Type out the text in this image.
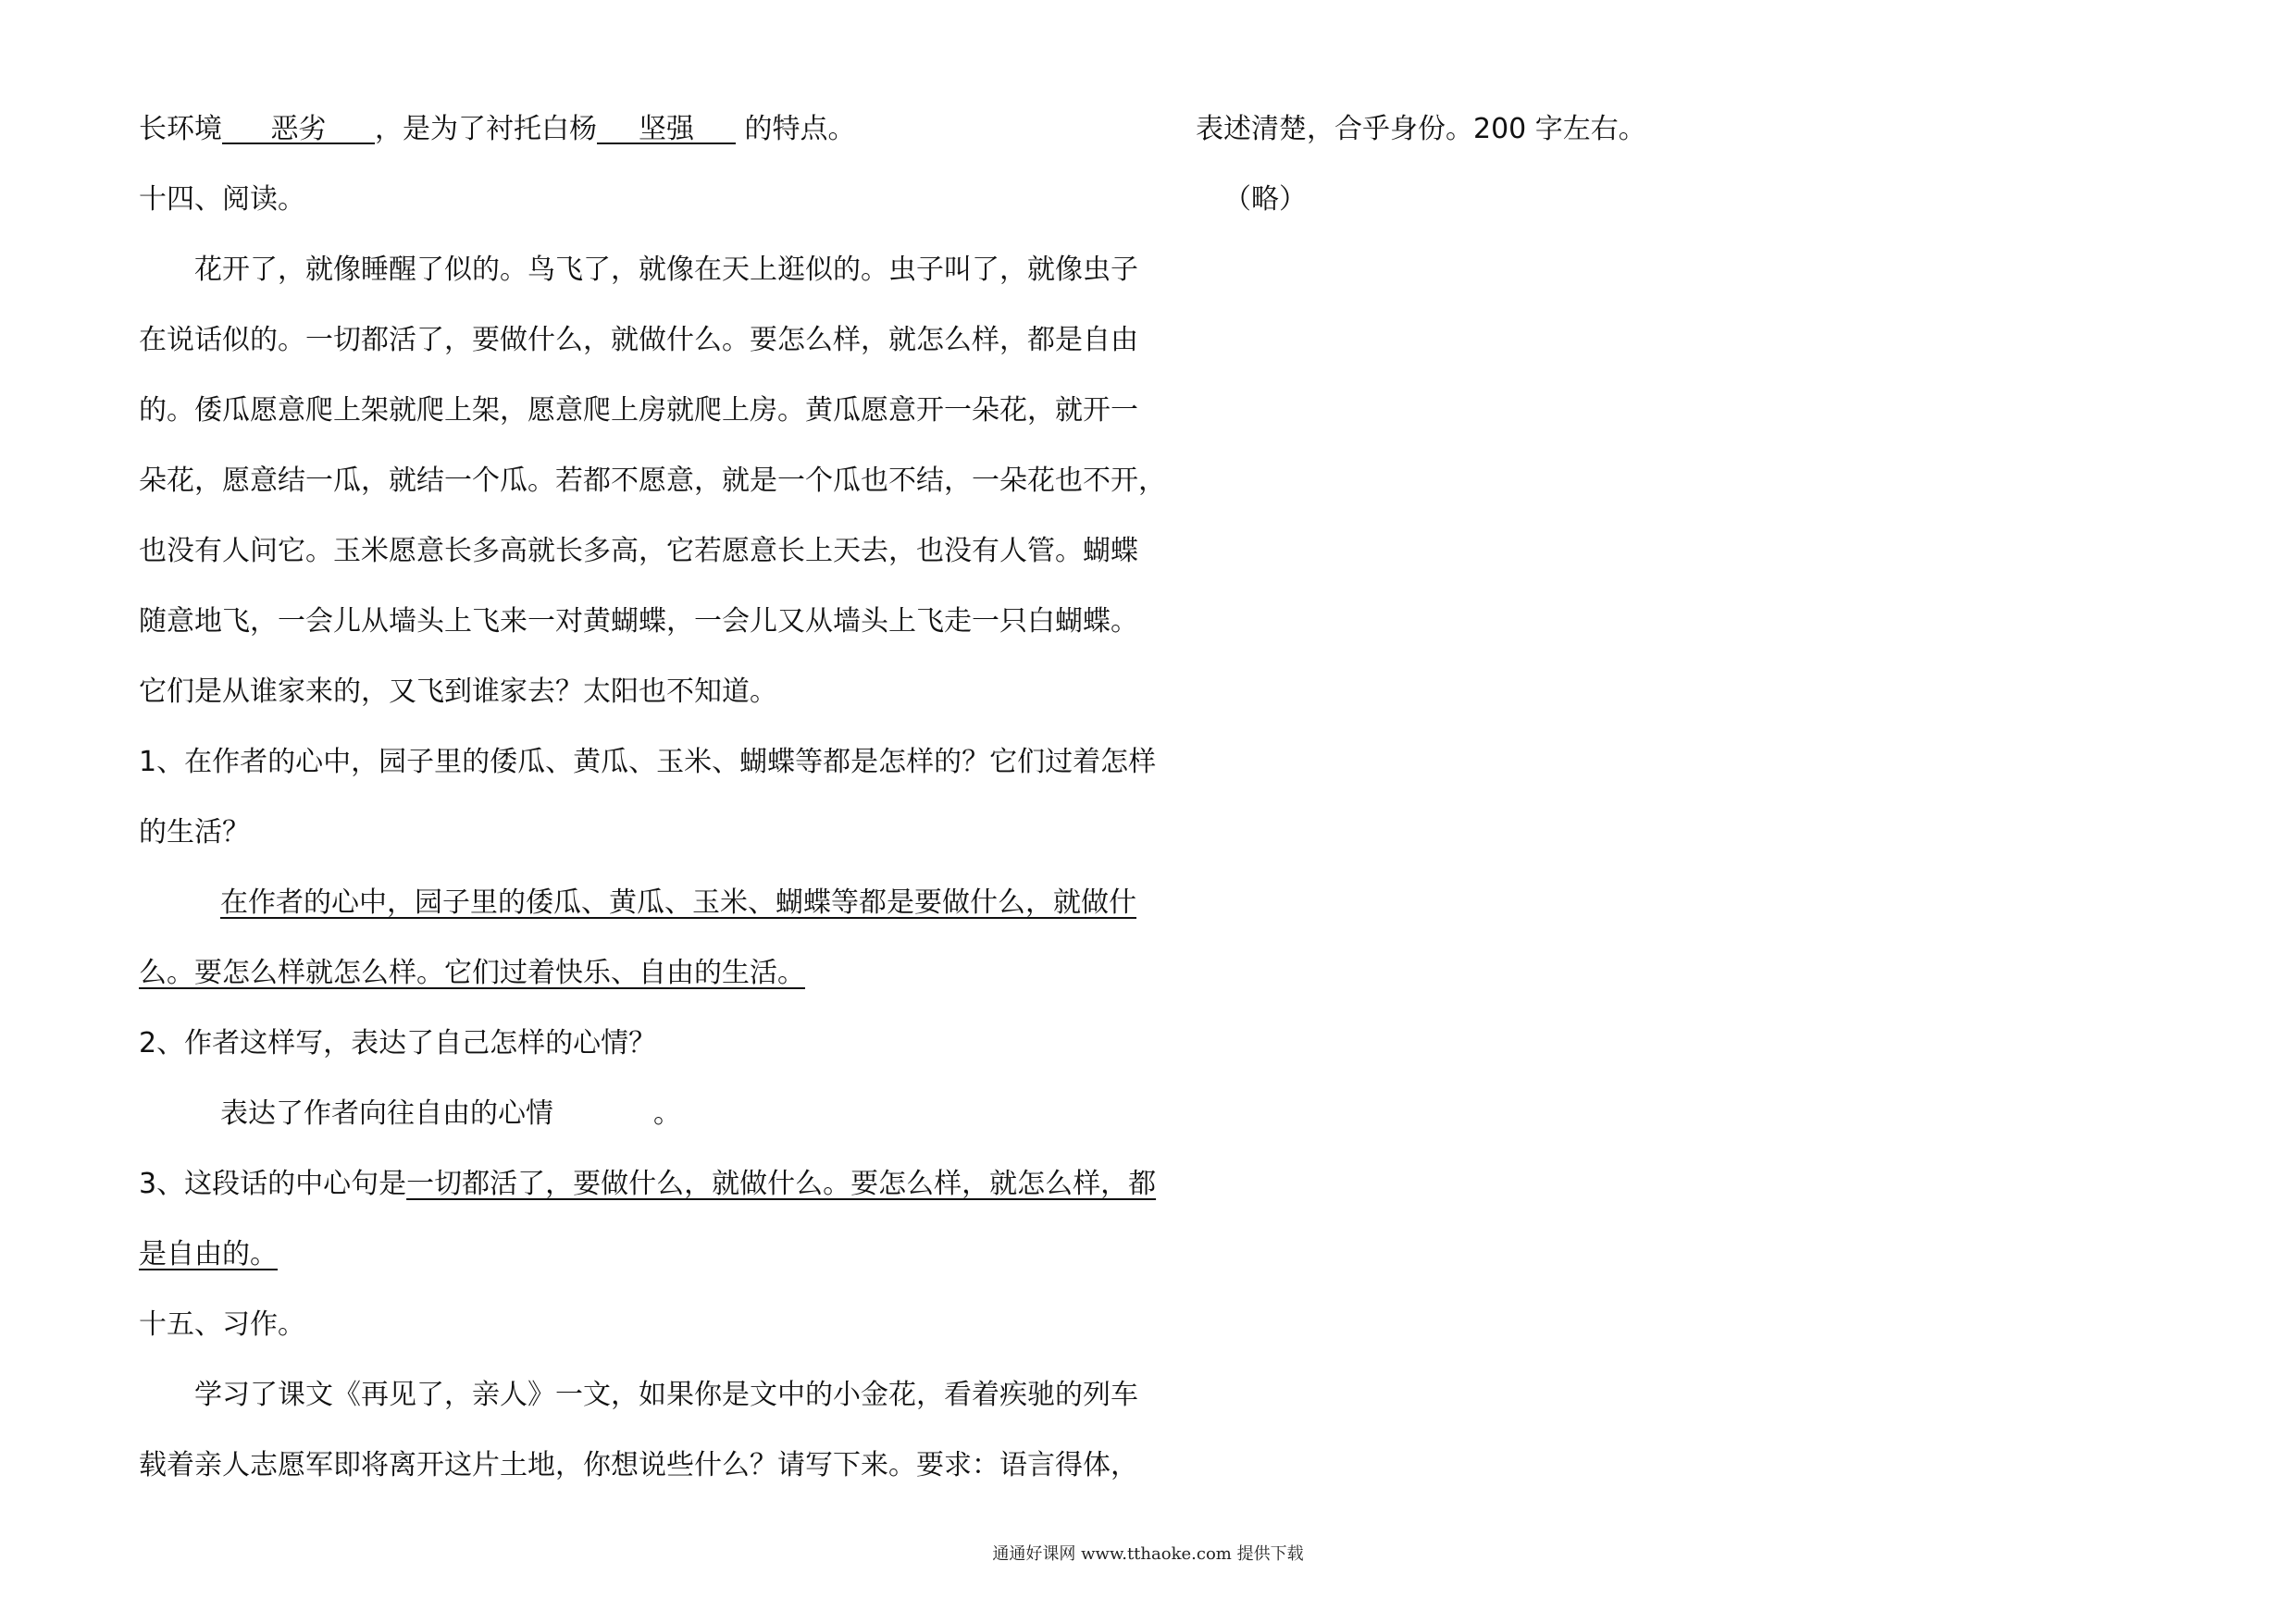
长环境 恶劣 ，是为了衬托白杨 坚强 的特点。
十四、阅读。
花开了，就像睡醒了似的。鸟飞了，就像在天上逛似的。虫子叫了，就像虫子
在说话似的。一切都活了，要做什么，就做什么。要怎么样，就怎么样，都是自由
的。倭瓜愿意爬上架就爬上架，愿意爬上房就爬上房。黄瓜愿意开一朵花，就开一
朵花，愿意结一瓜，就结一个瓜。若都不愿意，就是一个瓜也不结，一朵花也不开，
也没有人问它。玉米愿意长多高就长多高，它若愿意长上天去，也没有人管。蝴蝶
随意地飞，一会儿从墙头上飞来一对黄蝴蝶，一会儿又从墙头上飞走一只白蝴蝶。
它们是从谁家来的，又飞到谁家去？太阳也不知道。
1、在作者的心中，园子里的倭瓜、黄瓜、玉米、蝴蝶等都是怎样的？它们过着怎样
的生活？
在作者的心中，园子里的倭瓜、黄瓜、玉米、蝴蝶等都是要做什么，就做什
么。要怎么样就怎么样。它们过着快乐、自由的生活。
2、作者这样写，表达了自己怎样的心情？
表达了作者向往自由的心情	。
3、这段话的中心句是一切都活了，要做什么，就做什么。要怎么样，就怎么样，都
是自由的。
十五、习作。
学习了课文《再见了，亲人》一文，如果你是文中的小金花，看着疾驰的列车
载着亲人志愿军即将离开这片土地，你想说些什么？请写下来。要求：语言得体，
表述清楚，合乎身份。200 字左右。
（略）
通通好课网 www.tthaoke.com 提供下载
